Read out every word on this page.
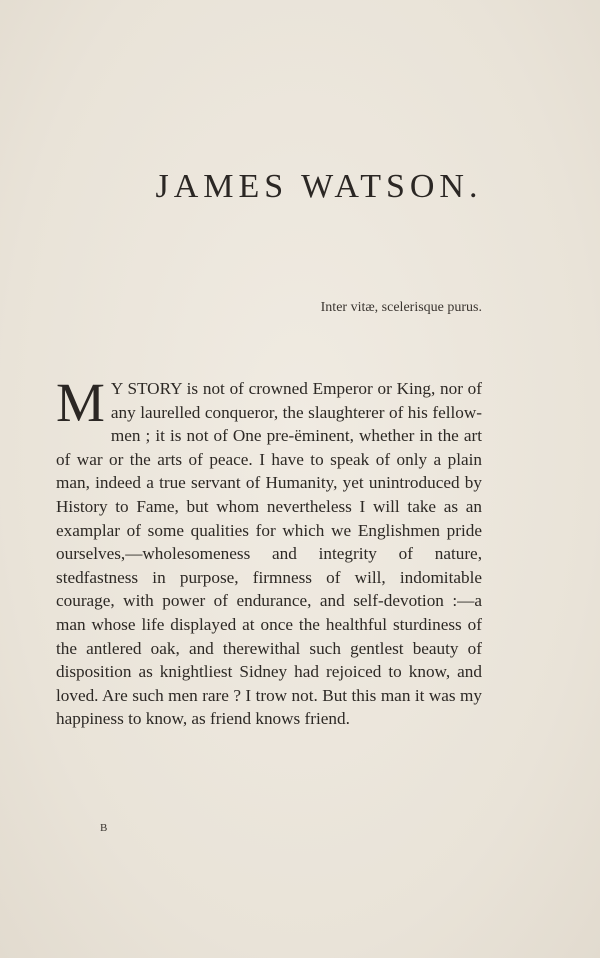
JAMES WATSON.

Inter vitæ, scelerisque purus.

M Y STORY is not of crowned Emperor or King, nor of any laurelled conqueror, the slaughterer of his fellow-men ; it is not of One pre-ëminent, whether in the art of war or the arts of peace. I have to speak of only a plain man, indeed a true servant of Humanity, yet unintroduced by History to Fame, but whom nevertheless I will take as an examplar of some qualities for which we Englishmen pride ourselves,—wholesomeness and integrity of nature, stedfastness in purpose, firmness of will, indomitable courage, with power of endurance, and self-devotion :—a man whose life displayed at once the healthful sturdiness of the antlered oak, and therewithal such gentlest beauty of disposition as knightliest Sidney had rejoiced to know, and loved. Are such men rare ? I trow not. But this man it was my happiness to know, as friend knows friend.

B
